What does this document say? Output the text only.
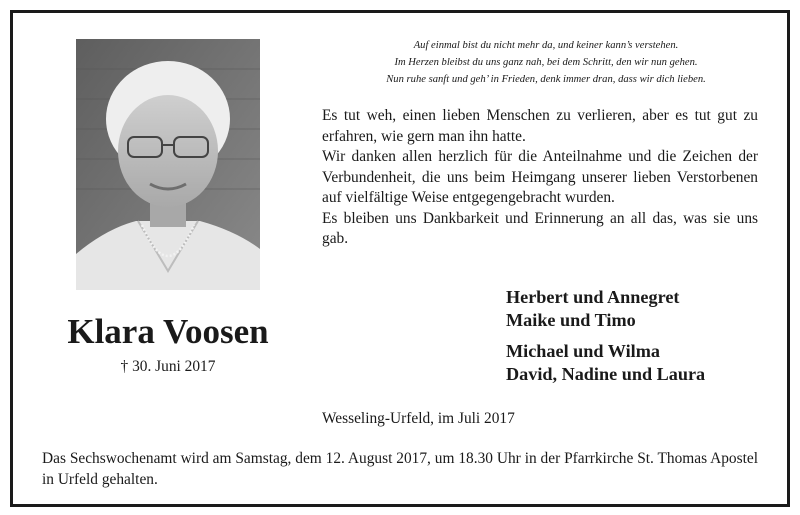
Auf einmal bist du nicht mehr da, und keiner kann’s verstehen.
Im Herzen bleibst du uns ganz nah, bei dem Schritt, den wir nun gehen.
Nun ruhe sanft und geh’ in Frieden, denk immer dran, dass wir dich lieben.

Es tut weh, einen lieben Menschen zu verlieren, aber es tut gut zu erfahren, wie gern man ihn hatte.

Wir danken allen herzlich für die Anteilnahme und die Zeichen der Verbundenheit, die uns beim Heimgang unserer lieben Verstorbenen auf vielfältige Weise entgegengebracht wurden.

Es bleiben uns Dankbarkeit und Erinnerung an all das, was sie uns gab.

Herbert und Annegret
Maike und Timo
Michael und Wilma
David, Nadine und Laura
Klara Voosen
† 30. Juni 2017
Wesseling-Urfeld, im Juli 2017

Das Sechswochenamt wird am Samstag, dem 12. August 2017, um 18.30 Uhr in der Pfarrkirche St. Thomas Apostel in Urfeld gehalten.
